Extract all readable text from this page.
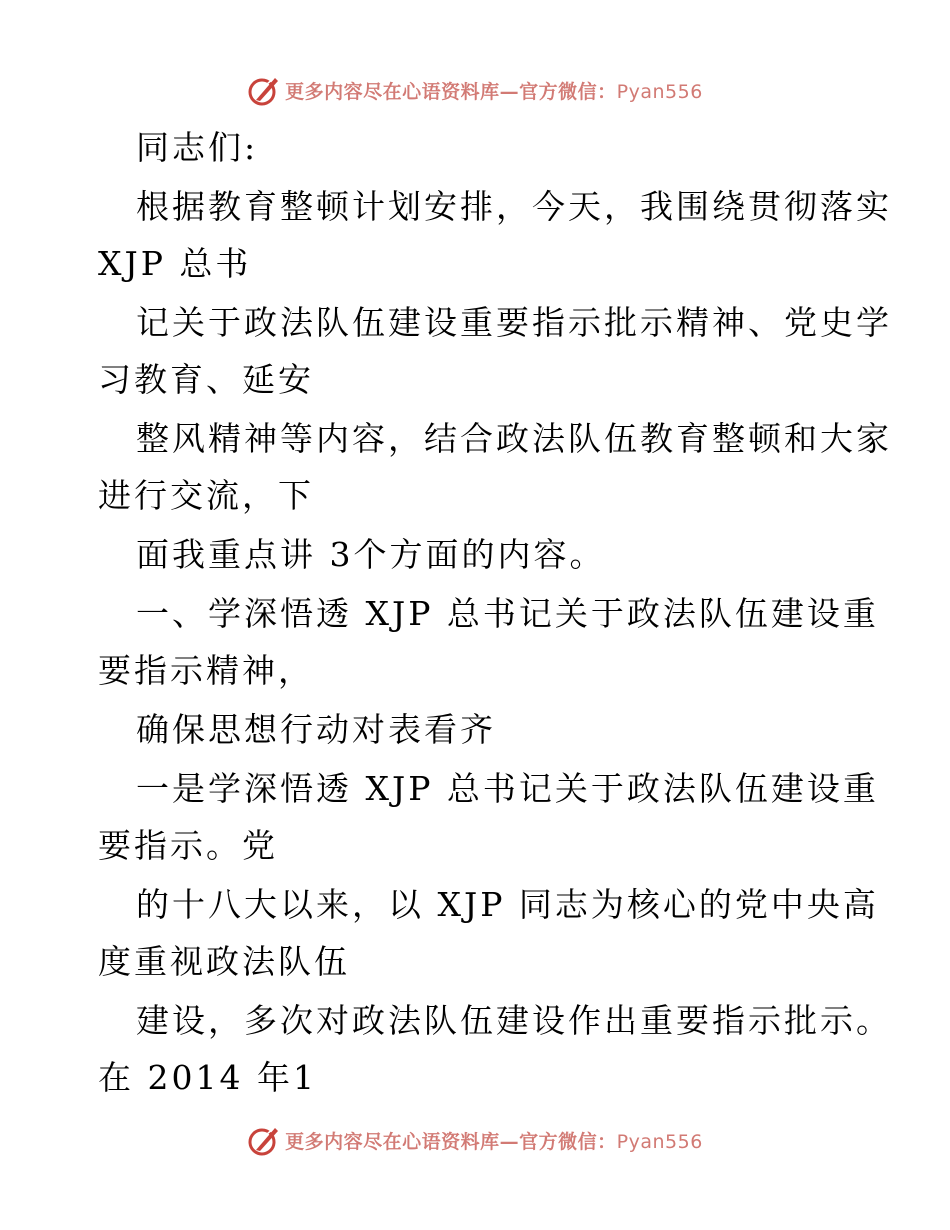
更多内容尽在心语资料库—官方微信：Pyan556
同志们:
根据教育整顿计划安排，今天，我围绕贯彻落实
XJP 总书
记关于政法队伍建设重要指示批示精神、党史学
习教育、延安
整风精神等内容，结合政法队伍教育整顿和大家
进行交流，下
面我重点讲 3个方面的内容。
一、学深悟透 XJP 总书记关于政法队伍建设重
要指示精神，
确保思想行动对表看齐
一是学深悟透 XJP 总书记关于政法队伍建设重
要指示。党
的十八大以来，以 XJP 同志为核心的党中央高
度重视政法队伍
建设，多次对政法队伍建设作出重要指示批示。
在 2014 年1
更多内容尽在心语资料库—官方微信：Pyan556
